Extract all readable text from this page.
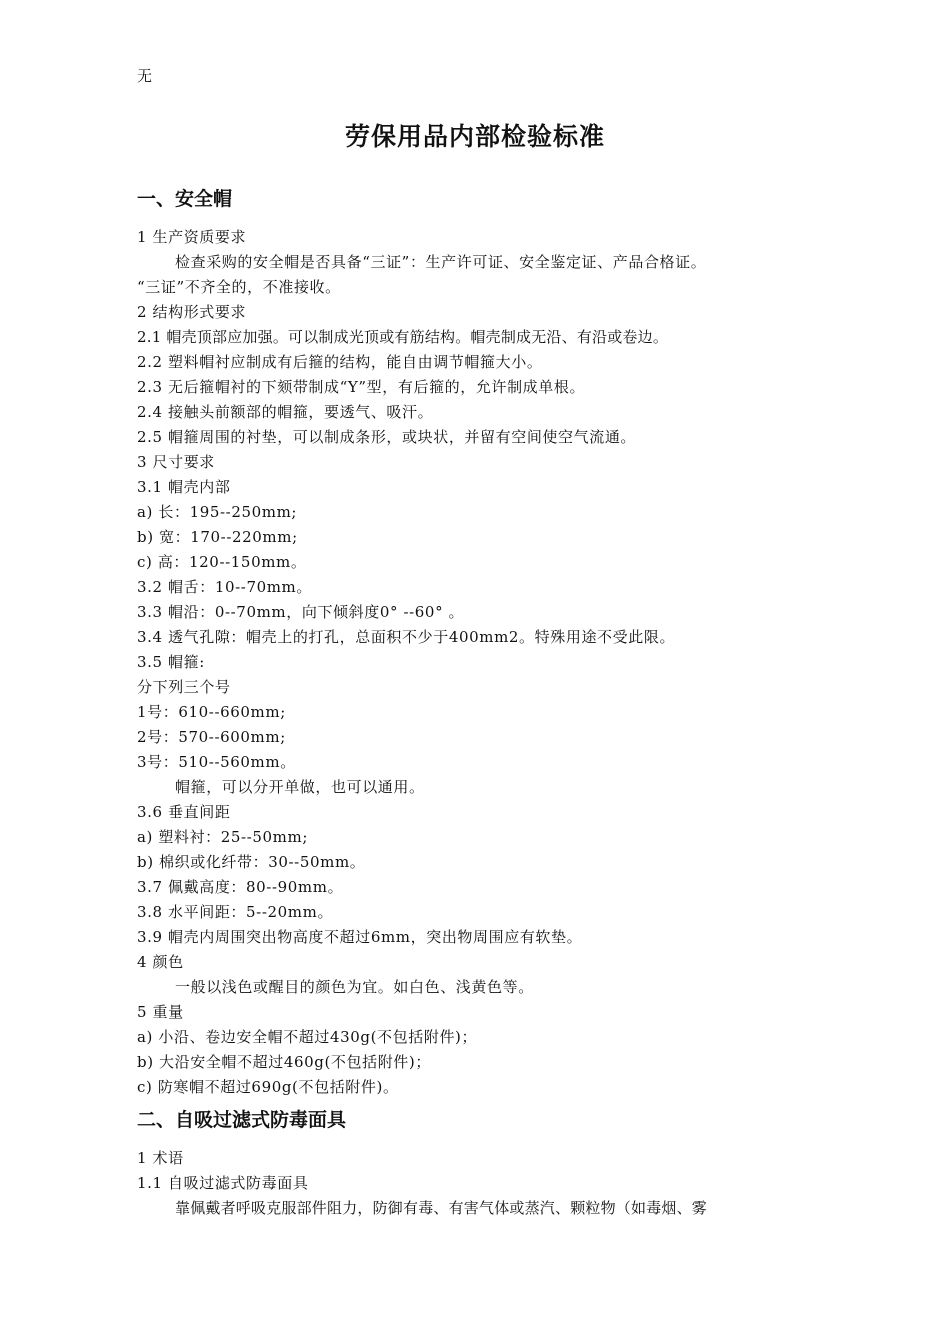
无
劳保用品内部检验标准
一、安全帽
1 生产资质要求
检查采购的安全帽是否具备“三证”：生产许可证、安全鉴定证、产品合格证。
“三证”不齐全的，不准接收。
2 结构形式要求
2.1 帽壳顶部应加强。可以制成光顶或有筋结构。帽壳制成无沿、有沿或卷边。
2.2 塑料帽衬应制成有后箍的结构，能自由调节帽箍大小。
2.3 无后箍帽衬的下颏带制成“Y”型，有后箍的，允许制成单根。
2.4 接触头前额部的帽箍，要透气、吸汗。
2.5 帽箍周围的衬垫，可以制成条形，或块状，并留有空间使空气流通。
3 尺寸要求
3.1 帽壳内部
a) 长：195--250mm;
b) 宽：170--220mm;
c) 高：120--150mm。
3.2 帽舌：10--70mm。
3.3 帽沿：0--70mm，向下倾斜度0° --60° 。
3.4 透气孔隙：帽壳上的打孔，总面积不少于400mm2。特殊用途不受此限。
3.5 帽箍:
分下列三个号
1号：610--660mm;
2号：570--600mm;
3号：510--560mm。
帽箍，可以分开单做，也可以通用。
3.6 垂直间距
a) 塑料衬：25--50mm;
b) 棉织或化纤带：30--50mm。
3.7 佩戴高度：80--90mm。
3.8 水平间距：5--20mm。
3.9 帽壳内周围突出物高度不超过6mm，突出物周围应有软垫。
4 颜色
一般以浅色或醒目的颜色为宜。如白色、浅黄色等。
5 重量
a) 小沿、卷边安全帽不超过430g(不包括附件)；
b) 大沿安全帽不超过460g(不包括附件)；
c) 防寒帽不超过690g(不包括附件)。
二、自吸过滤式防毒面具
1 术语
1.1 自吸过滤式防毒面具
靠佩戴者呼吸克服部件阻力，防御有毒、有害气体或蒸汽、颗粒物（如毒烟、雾
